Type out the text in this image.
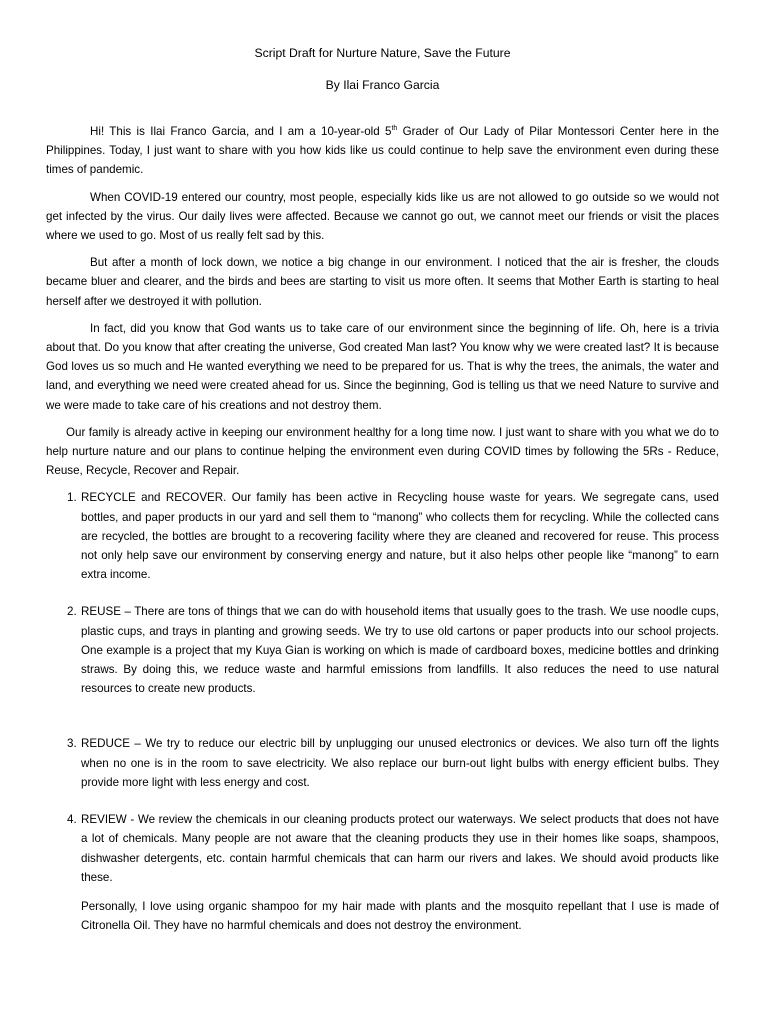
Script Draft for Nurture Nature, Save the Future

By Ilai Franco Garcia

Hi! This is Ilai Franco Garcia, and I am a 10-year-old 5th Grader of Our Lady of Pilar Montessori Center here in the Philippines. Today, I just want to share with you how kids like us could continue to help save the environment even during these times of pandemic.

When COVID-19 entered our country, most people, especially kids like us are not allowed to go outside so we would not get infected by the virus. Our daily lives were affected. Because we cannot go out, we cannot meet our friends or visit the places where we used to go. Most of us really felt sad by this.

But after a month of lock down, we notice a big change in our environment. I noticed that the air is fresher, the clouds became bluer and clearer, and the birds and bees are starting to visit us more often. It seems that Mother Earth is starting to heal herself after we destroyed it with pollution.

In fact, did you know that God wants us to take care of our environment since the beginning of life. Oh, here is a trivia about that. Do you know that after creating the universe, God created Man last? You know why we were created last? It is because God loves us so much and He wanted everything we need to be prepared for us. That is why the trees, the animals, the water and land, and everything we need were created ahead for us. Since the beginning, God is telling us that we need Nature to survive and we were made to take care of his creations and not destroy them.

Our family is already active in keeping our environment healthy for a long time now. I just want to share with you what we do to help nurture nature and our plans to continue helping the environment even during COVID times by following the 5Rs - Reduce, Reuse, Recycle, Recover and Repair.

1. RECYCLE and RECOVER. Our family has been active in Recycling house waste for years. We segregate cans, used bottles, and paper products in our yard and sell them to “manong” who collects them for recycling. While the collected cans are recycled, the bottles are brought to a recovering facility where they are cleaned and recovered for reuse. This process not only help save our environment by conserving energy and nature, but it also helps other people like “manong” to earn extra income.
2. REUSE – There are tons of things that we can do with household items that usually goes to the trash. We use noodle cups, plastic cups, and trays in planting and growing seeds. We try to use old cartons or paper products into our school projects. One example is a project that my Kuya Gian is working on which is made of cardboard boxes, medicine bottles and drinking straws. By doing this, we reduce waste and harmful emissions from landfills. It also reduces the need to use natural resources to create new products.
3. REDUCE – We try to reduce our electric bill by unplugging our unused electronics or devices. We also turn off the lights when no one is in the room to save electricity. We also replace our burn-out light bulbs with energy efficient bulbs. They provide more light with less energy and cost.
4. REVIEW - We review the chemicals in our cleaning products protect our waterways. We select products that does not have a lot of chemicals. Many people are not aware that the cleaning products they use in their homes like soaps, shampoos, dishwasher detergents, etc. contain harmful chemicals that can harm our rivers and lakes. We should avoid products like these.

Personally, I love using organic shampoo for my hair made with plants and the mosquito repellant that I use is made of Citronella Oil. They have no harmful chemicals and does not destroy the environment.
